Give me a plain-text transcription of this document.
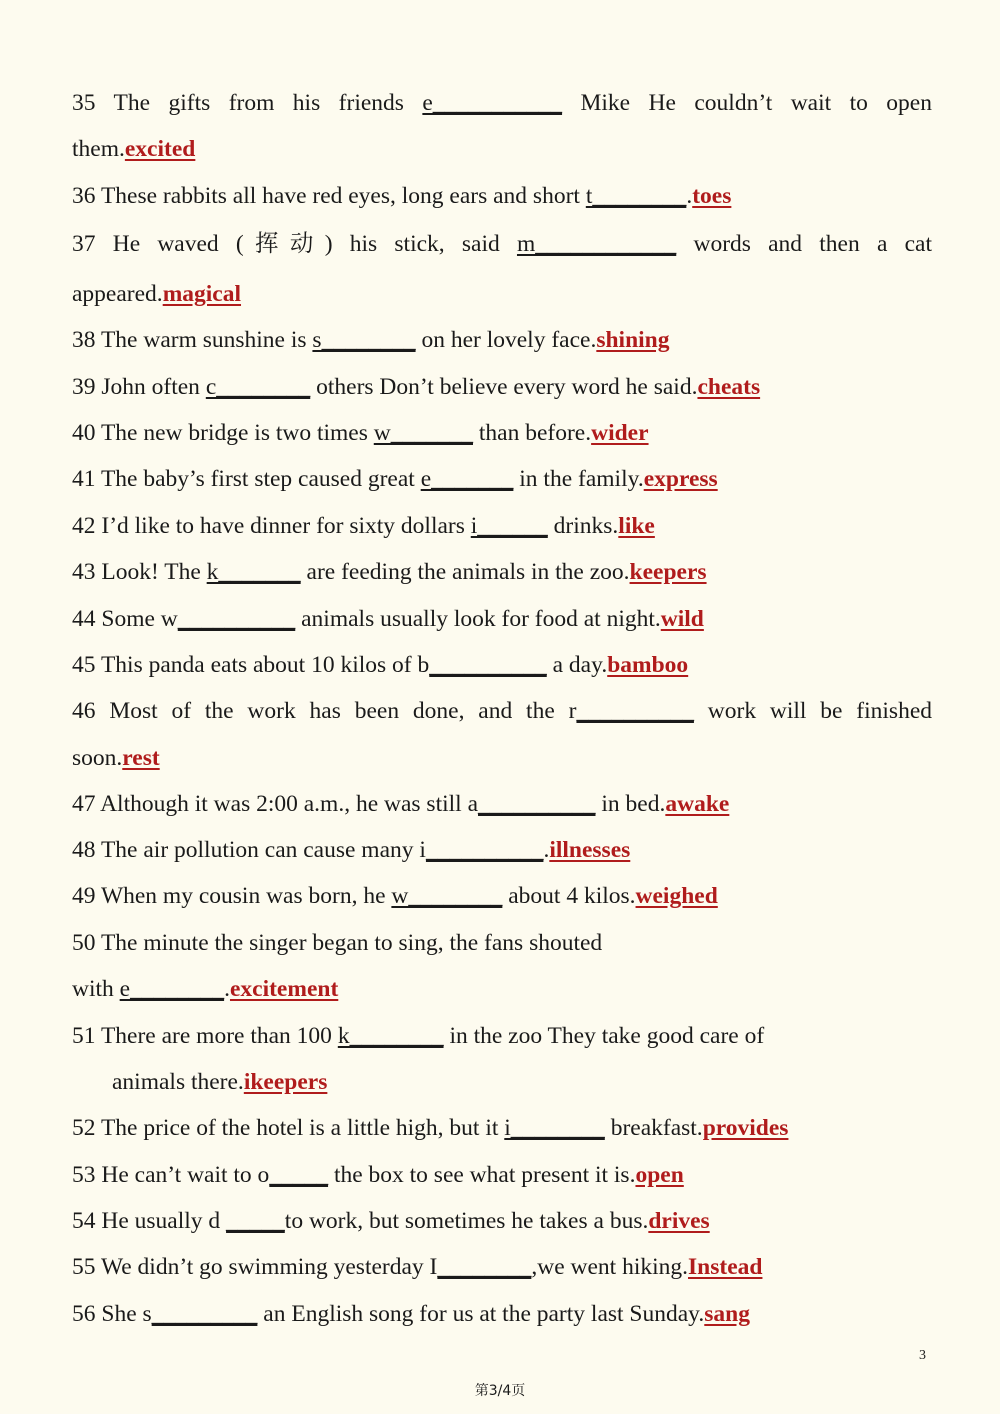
35 The gifts from his friends e___________ Mike He couldn’t wait to open
them.excited
36 These rabbits all have red eyes, long ears and short t________.toes
37 He waved (挥动) his stick, said m____________ words and then a cat
appeared.magical
38 The warm sunshine is s________ on her lovely face.shining
39 John often c________ others Don’t believe every word he said.cheats
40 The new bridge is two times w_______ than before.wider
41 The baby’s first step caused great e_______ in the family.express
42 I’d like to have dinner for sixty dollars i______ drinks.like
43 Look! The k_______ are feeding the animals in the zoo.keepers
44 Some w__________ animals usually look for food at night.wild
45 This panda eats about 10 kilos of b__________ a day.bamboo
46 Most of the work has been done, and the r__________ work will be finished
soon.rest
47 Although it was 2:00 a.m., he was still a__________ in bed.awake
48 The air pollution can cause many i__________.illnesses
49 When my cousin was born, he w________ about 4 kilos.weighed
50 The minute the singer began to sing, the fans shouted
with e________.excitement
51 There are more than 100 k________ in the zoo They take good care of
animals there.ikeepers
52 The price of the hotel is a little high, but it i________ breakfast.provides
53 He can’t wait to o_____ the box to see what present it is.open
54 He usually d _____to work, but sometimes he takes a bus.drives
55 We didn’t go swimming yesterday I________,we went hiking.Instead
56 She s_________ an English song for us at the party last Sunday.sang
3
第3/4页
